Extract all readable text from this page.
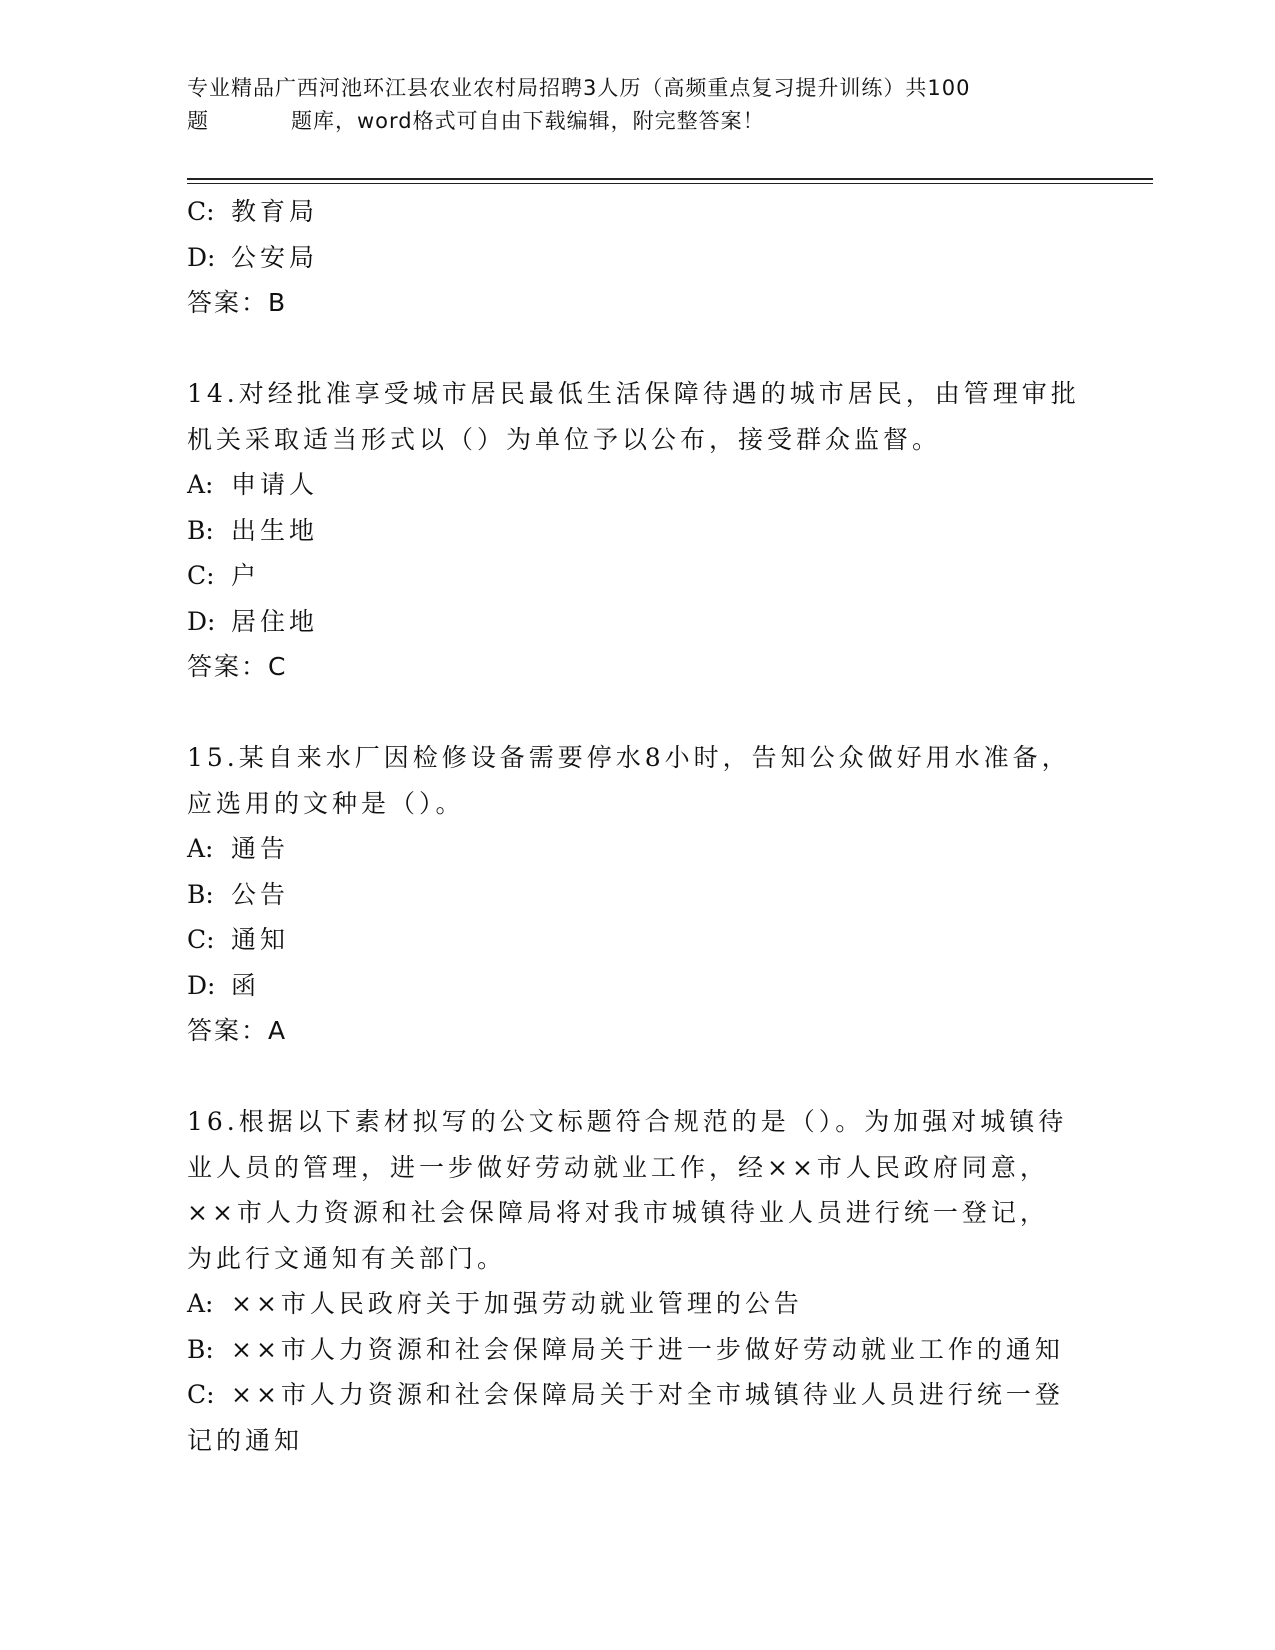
专业精品广西河池环江县农业农村局招聘3人历（高频重点复习提升训练）共100
题	题库，word格式可自由下载编辑，附完整答案！
C: 教育局
D: 公安局
答案：B
14.对经批准享受城市居民最低生活保障待遇的城市居民，由管理审批
机关采取适当形式以（）为单位予以公布，接受群众监督。
A: 申请人
B: 出生地
C: 户
D: 居住地
答案：C
15.某自来水厂因检修设备需要停水8小时，告知公众做好用水准备，
应选用的文种是（）。
A: 通告
B: 公告
C: 通知
D: 函
答案：A
16.根据以下素材拟写的公文标题符合规范的是（）。为加强对城镇待
业人员的管理，进一步做好劳动就业工作，经××市人民政府同意，
××市人力资源和社会保障局将对我市城镇待业人员进行统一登记，
为此行文通知有关部门。
A: ××市人民政府关于加强劳动就业管理的公告
B: ××市人力资源和社会保障局关于进一步做好劳动就业工作的通知
C: ××市人力资源和社会保障局关于对全市城镇待业人员进行统一登
记的通知
